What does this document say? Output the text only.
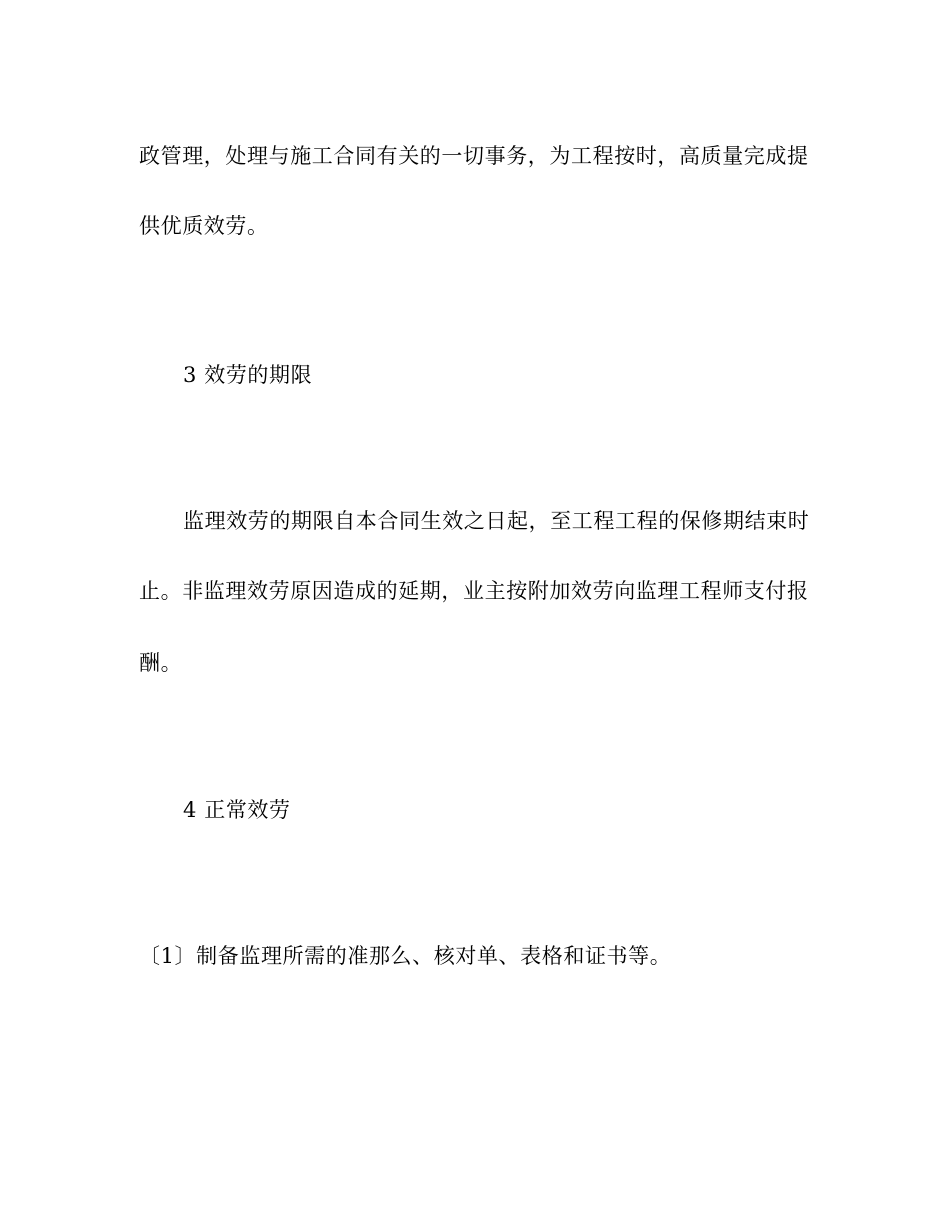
政管理，处理与施工合同有关的一切事务，为工程按时，高质量完成提
供优质效劳。
3 效劳的期限
监理效劳的期限自本合同生效之日起，至工程工程的保修期结束时
止。非监理效劳原因造成的延期，业主按附加效劳向监理工程师支付报
酬。
4 正常效劳
〔1〕制备监理所需的准那么、核对单、表格和证书等。
